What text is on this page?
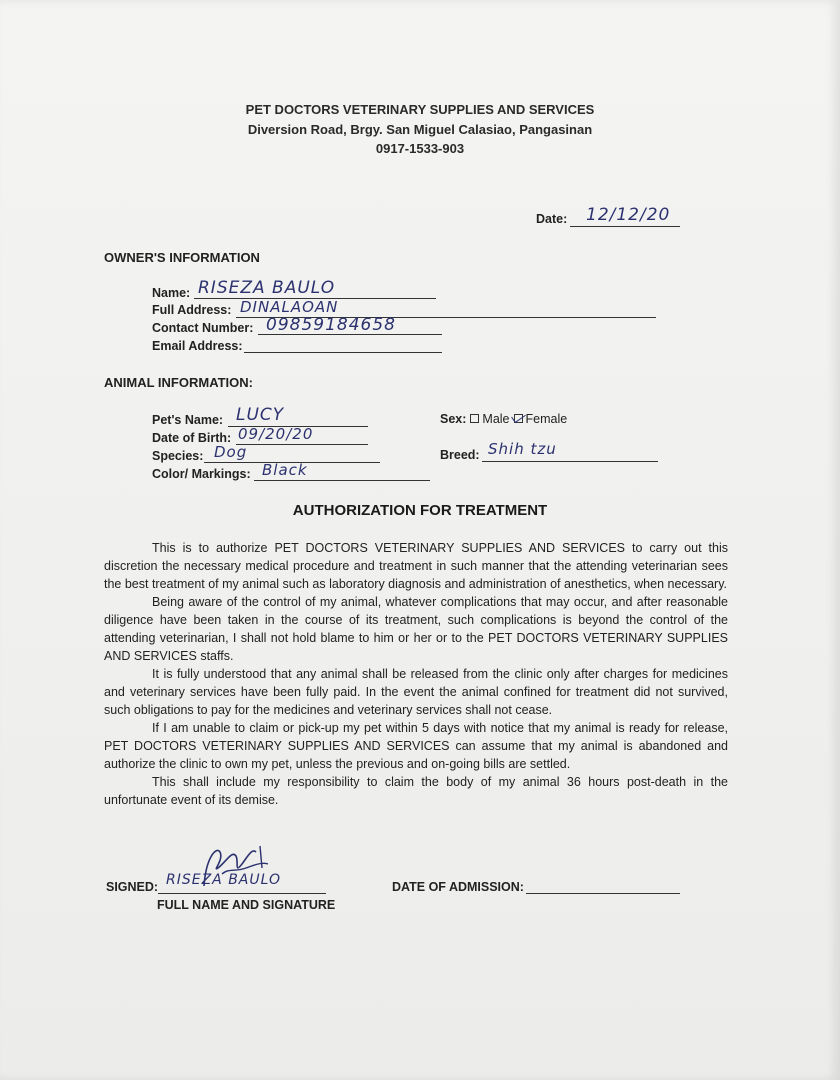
PET DOCTORS VETERINARY SUPPLIES AND SERVICES
Diversion Road, Brgy. San Miguel Calasiao, Pangasinan
0917-1533-903
Date: 12/12/20
OWNER'S INFORMATION
Name: RISEZA BAULO
Full Address: DINALAOAN
Contact Number: 09859184658
Email Address:
ANIMAL INFORMATION:
Pet's Name: LUCY
Date of Birth: 09/20/20
Species: Dog
Color/ Markings: Black
Sex: Male Female
Breed: Shih tzu
AUTHORIZATION FOR TREATMENT

This is to authorize PET DOCTORS VETERINARY SUPPLIES AND SERVICES to carry out this discretion the necessary medical procedure and treatment in such manner that the attending veterinarian sees the best treatment of my animal such as laboratory diagnosis and administration of anesthetics, when necessary.

Being aware of the control of my animal, whatever complications that may occur, and after reasonable diligence have been taken in the course of its treatment, such complications is beyond the control of the attending veterinarian, I shall not hold blame to him or her or to the PET DOCTORS VETERINARY SUPPLIES AND SERVICES staffs.

It is fully understood that any animal shall be released from the clinic only after charges for medicines and veterinary services have been fully paid. In the event the animal confined for treatment did not survived, such obligations to pay for the medicines and veterinary services shall not cease.

If I am unable to claim or pick-up my pet within 5 days with notice that my animal is ready for release, PET DOCTORS VETERINARY SUPPLIES AND SERVICES can assume that my animal is abandoned and authorize the clinic to own my pet, unless the previous and on-going bills are settled.

This shall include my responsibility to claim the body of my animal 36 hours post-death in the unfortunate event of its demise.

SIGNED: RISEZA BAULO
FULL NAME AND SIGNATURE
DATE OF ADMISSION:
